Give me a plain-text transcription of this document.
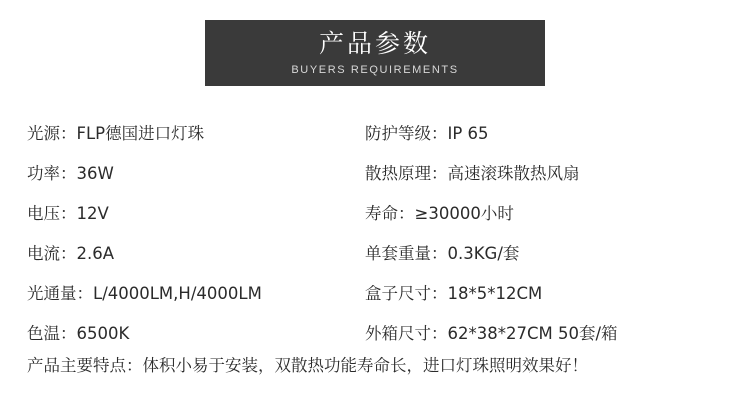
产品参数
BUYERS REQUIREMENTS
光源：FLP德国进口灯珠	防护等级：IP 65
功率：36W	散热原理：高速滚珠散热风扇
电压：12V	寿命：≥30000小时
电流：2.6A	单套重量：0.3KG/套
光通量：L/4000LM,H/4000LM	盒子尺寸：18*5*12CM
色温：6500K	外箱尺寸：62*38*27CM 50套/箱
产品主要特点：体积小易于安装，双散热功能寿命长，进口灯珠照明效果好！
